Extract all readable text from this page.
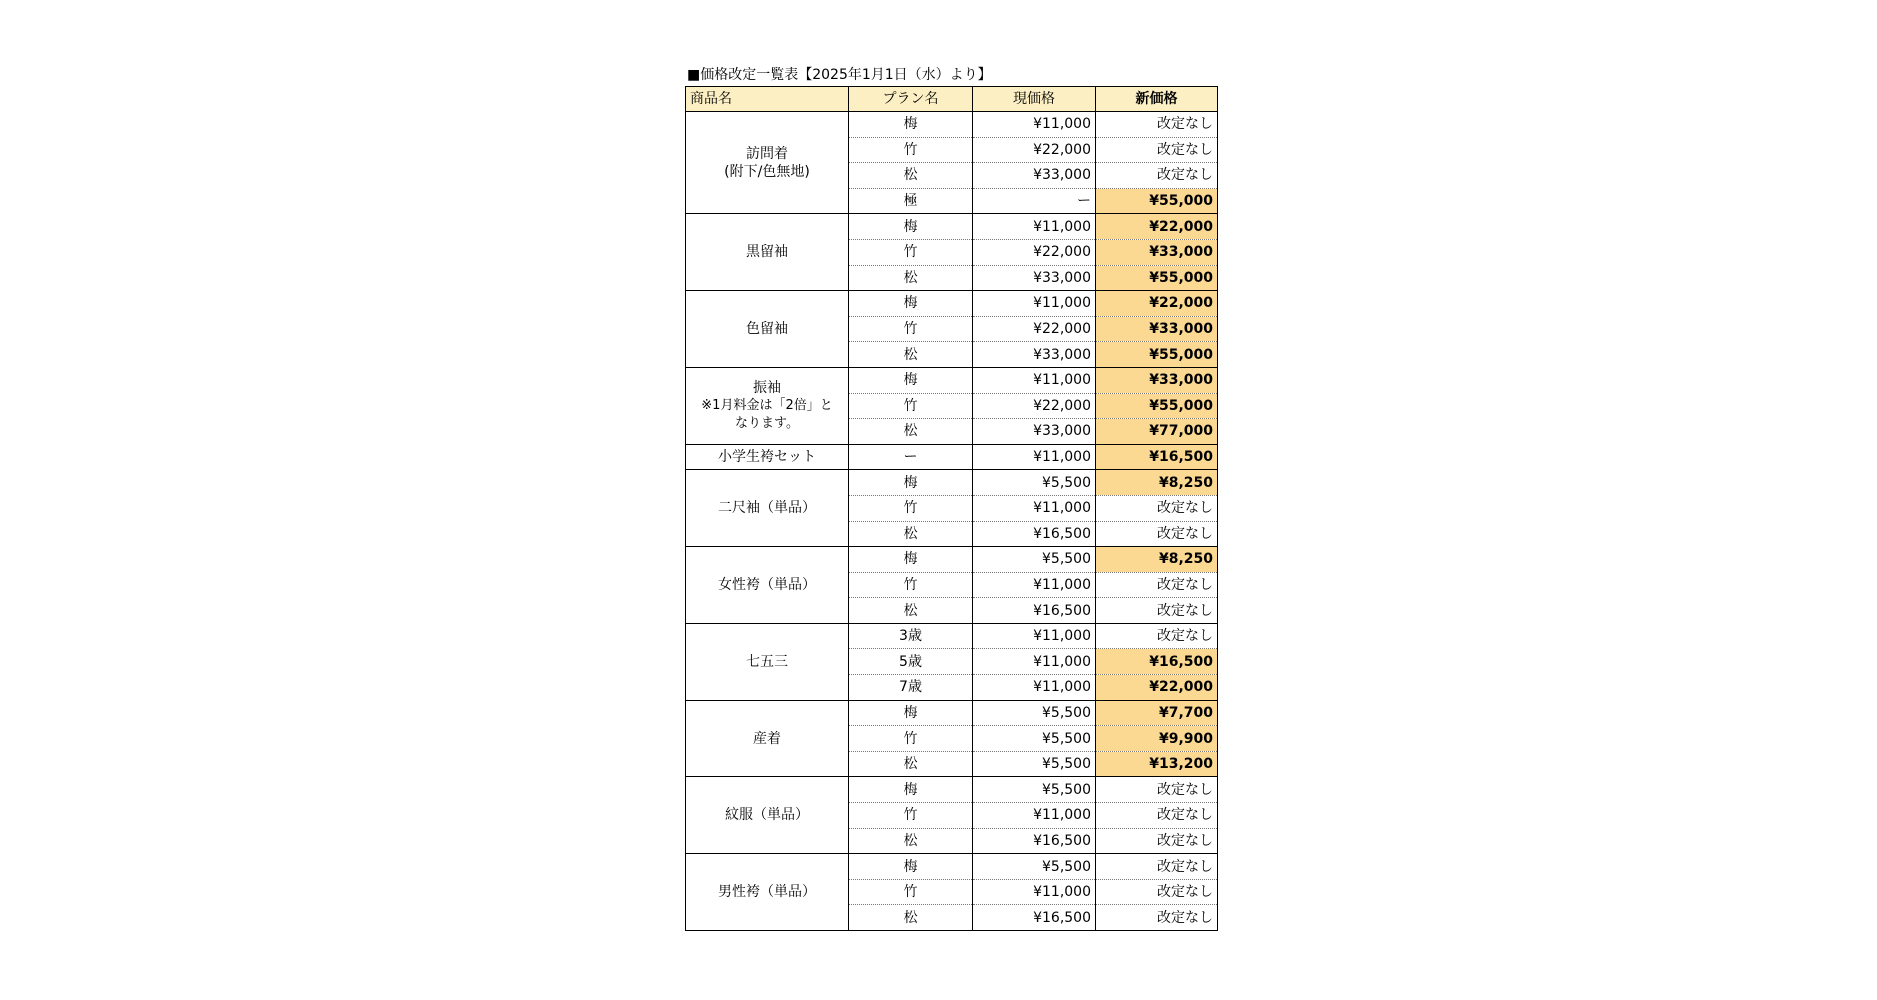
■価格改定一覧表【2025年1月1日（水）より】
商品名	プラン名	現価格	新価格

訪問着
(附下/色無地)	梅	¥11,000	改定なし
	竹	¥22,000	改定なし
	松	¥33,000	改定なし
	極	ー	¥55,000

黒留袖	梅	¥11,000	¥22,000
	竹	¥22,000	¥33,000
	松	¥33,000	¥55,000

色留袖	梅	¥11,000	¥22,000
	竹	¥22,000	¥33,000
	松	¥33,000	¥55,000

振袖
※1月料金は「2倍」と
なります。	梅	¥11,000	¥33,000
	竹	¥22,000	¥55,000
	松	¥33,000	¥77,000

小学生袴セット	ー	¥11,000	¥16,500

二尺袖（単品）	梅	¥5,500	¥8,250
	竹	¥11,000	改定なし
	松	¥16,500	改定なし

女性袴（単品）	梅	¥5,500	¥8,250
	竹	¥11,000	改定なし
	松	¥16,500	改定なし

七五三	3歳	¥11,000	改定なし
	5歳	¥11,000	¥16,500
	7歳	¥11,000	¥22,000

産着	梅	¥5,500	¥7,700
	竹	¥5,500	¥9,900
	松	¥5,500	¥13,200

紋服（単品）	梅	¥5,500	改定なし
	竹	¥11,000	改定なし
	松	¥16,500	改定なし

男性袴（単品）	梅	¥5,500	改定なし
	竹	¥11,000	改定なし
	松	¥16,500	改定なし
